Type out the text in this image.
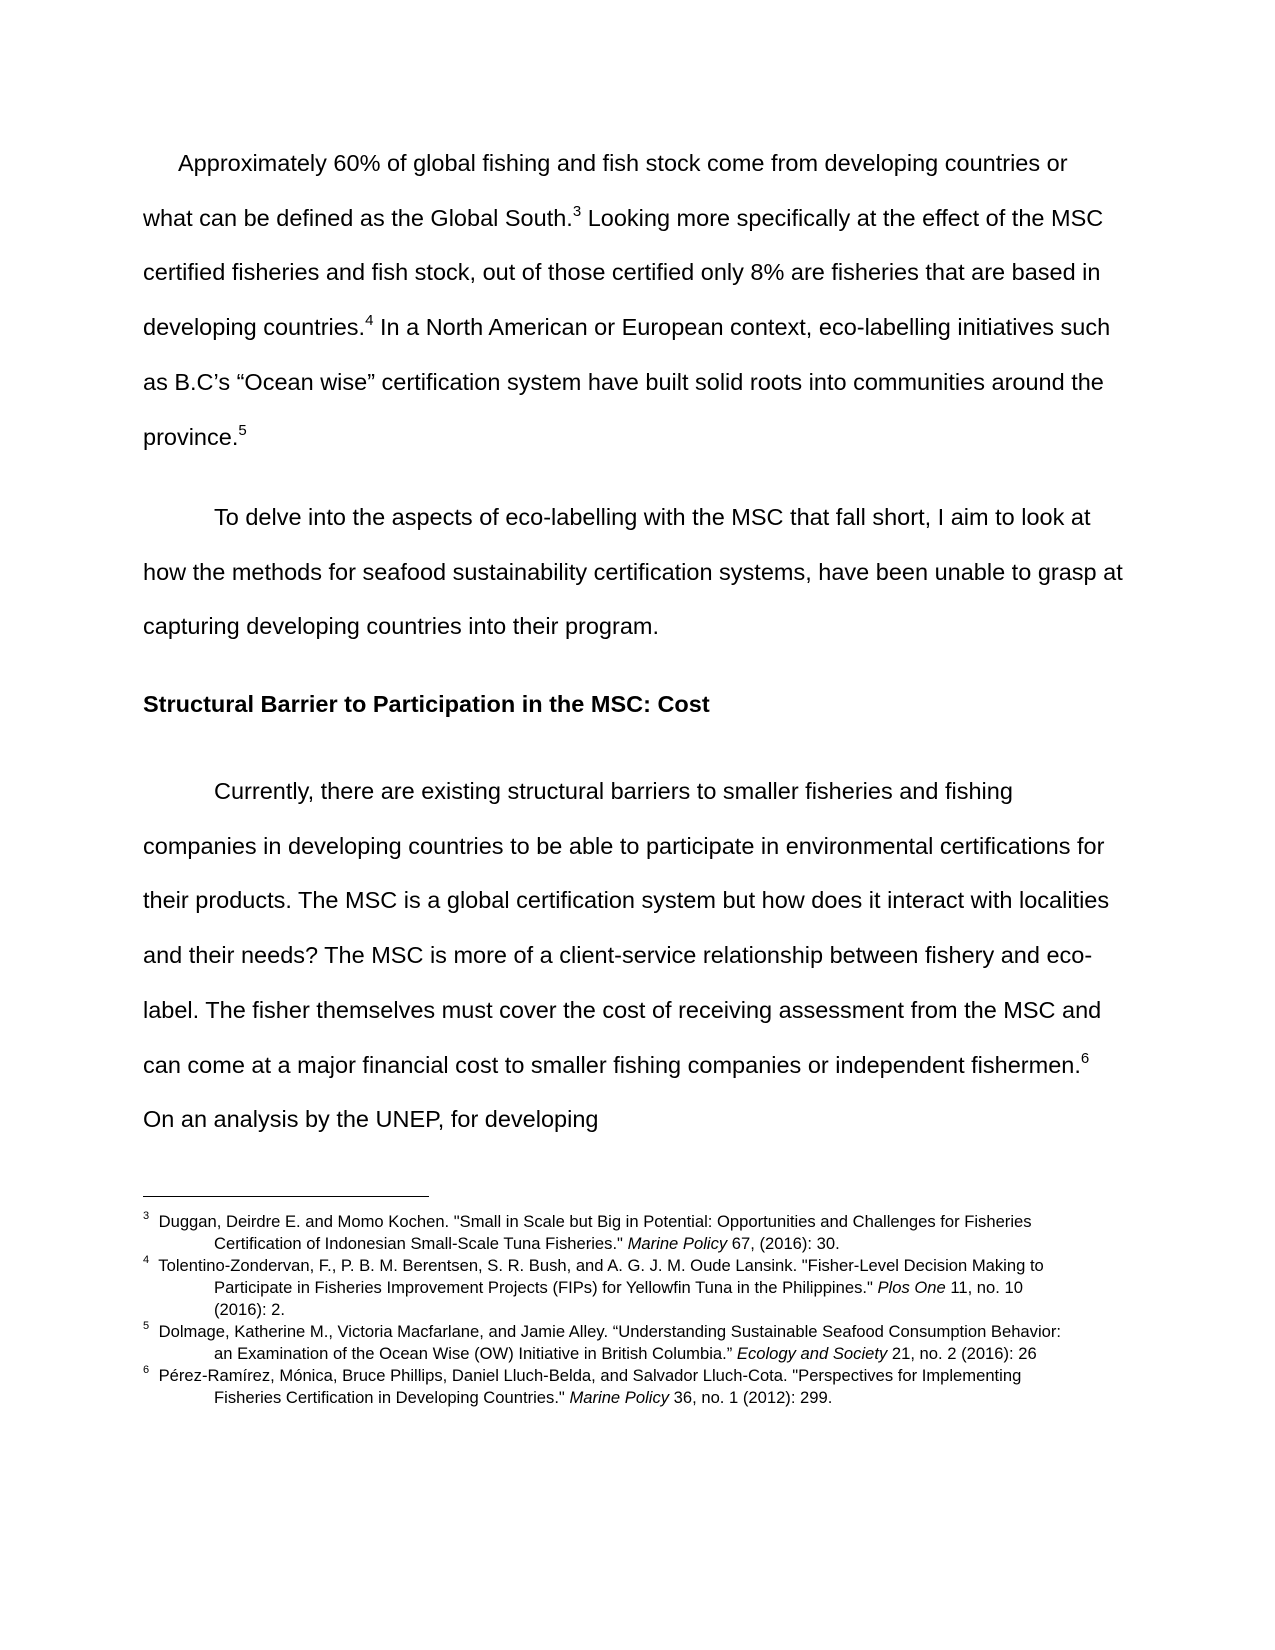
Approximately 60% of global fishing and fish stock come from developing countries or what can be defined as the Global South.$^3$ Looking more specifically at the effect of the MSC certified fisheries and fish stock, out of those certified only 8% are fisheries that are based in developing countries.$^4$ In a North American or European context, eco-labelling initiatives such as B.C’s “Ocean wise” certification system have built solid roots into communities around the province.$^5$

To delve into the aspects of eco-labelling with the MSC that fall short, I aim to look at how the methods for seafood sustainability certification systems, have been unable to grasp at capturing developing countries into their program.

Structural Barrier to Participation in the MSC: Cost

Currently, there are existing structural barriers to smaller fisheries and fishing companies in developing countries to be able to participate in environmental certifications for their products. The MSC is a global certification system but how does it interact with localities and their needs? The MSC is more of a client-service relationship between fishery and eco-label. The fisher themselves must cover the cost of receiving assessment from the MSC and can come at a major financial cost to smaller fishing companies or independent fishermen.$^6$ On an analysis by the UNEP, for developing

$^3$ Duggan, Deirdre E. and Momo Kochen. "Small in Scale but Big in Potential: Opportunities and Challenges for Fisheries Certification of Indonesian Small-Scale Tuna Fisheries." Marine Policy 67, (2016): 30.

$^4$ Tolentino-Zondervan, F., P. B. M. Berentsen, S. R. Bush, and A. G. J. M. Oude Lansink. "Fisher-Level Decision Making to Participate in Fisheries Improvement Projects (FIPs) for Yellowfin Tuna in the Philippines." Plos One 11, no. 10 (2016): 2.

$^5$ Dolmage, Katherine M., Victoria Macfarlane, and Jamie Alley. “Understanding Sustainable Seafood Consumption Behavior: an Examination of the Ocean Wise (OW) Initiative in British Columbia.” Ecology and Society 21, no. 2 (2016): 26

$^6$ Pérez-Ramírez, Mónica, Bruce Phillips, Daniel Lluch-Belda, and Salvador Lluch-Cota. "Perspectives for Implementing Fisheries Certification in Developing Countries." Marine Policy 36, no. 1 (2012): 299.
